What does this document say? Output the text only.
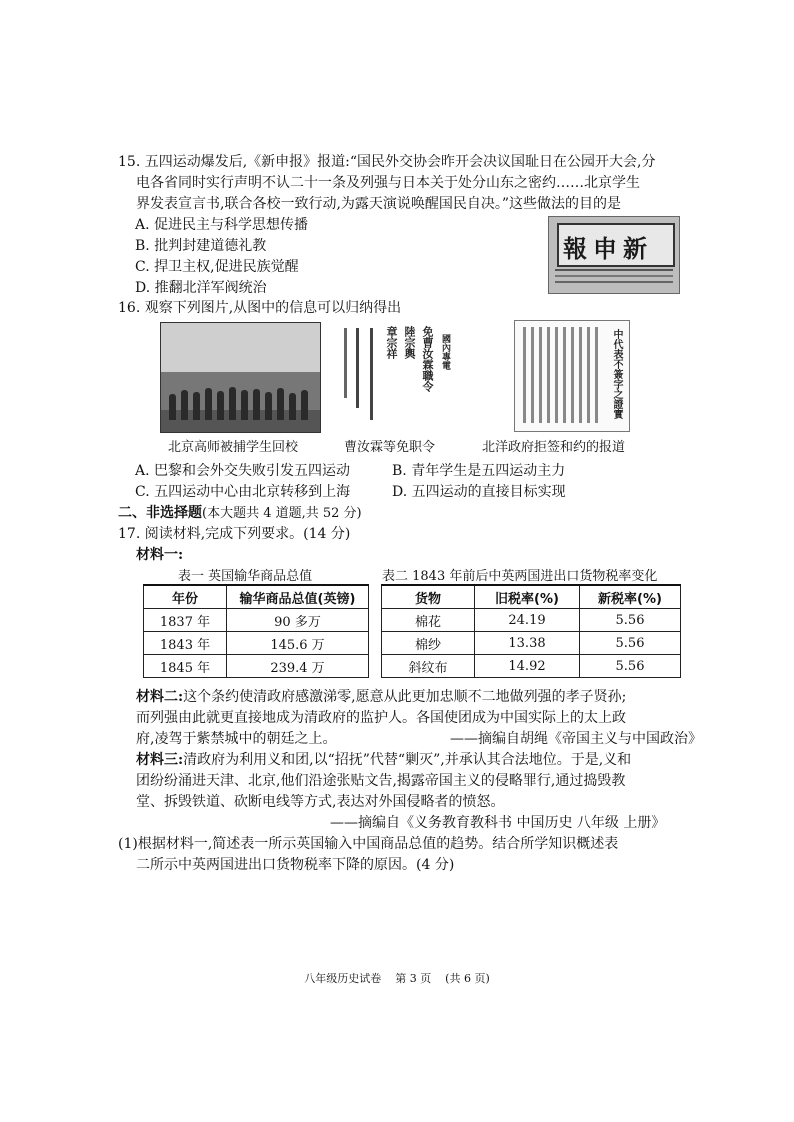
15. 五四运动爆发后,《新申报》报道:“国民外交协会昨开会决议国耻日在公园开大会,分
电各省同时实行声明不认二十一条及列强与日本关于处分山东之密约……北京学生
界发表宣言书,联合各校一致行动,为露天演说唤醒国民自决。”这些做法的目的是
A. 促进民主与科学思想传播
B. 批判封建道德礼教
C. 捍卫主权,促进民族觉醒
D. 推翻北洋军阀统治
報申新
16. 观察下列图片,从图中的信息可以归纳得出
國內專電
免曹汝霖職令
陸宗輿
章宗祥	中代表不簽字之證實
北京高师被捕学生回校	曹汝霖等免职令	北洋政府拒签和约的报道
A. 巴黎和会外交失败引发五四运动	B. 青年学生是五四运动主力
C. 五四运动中心由北京转移到上海	D. 五四运动的直接目标实现
二、非选择题(本大题共 4 道题,共 52 分)
17. 阅读材料,完成下列要求。(14 分)
材料一:
表一 英国输华商品总值	表二 1843 年前后中英两国进出口货物税率变化
年份	输华商品总值(英镑)
1837 年	90 多万
1843 年	145.6 万
1845 年	239.4 万
货物	旧税率(%)	新税率(%)
棉花	24.19	5.56
棉纱	13.38	5.56
斜纹布	14.92	5.56
材料二:这个条约使清政府感激涕零,愿意从此更加忠顺不二地做列强的孝子贤孙;
而列强由此就更直接地成为清政府的监护人。各国使团成为中国实际上的太上政
府,凌驾于紫禁城中的朝廷之上。	——摘编自胡绳《帝国主义与中国政治》
材料三:清政府为利用义和团,以“招抚”代替“剿灭”,并承认其合法地位。于是,义和
团纷纷涌进天津、北京,他们沿途张贴文告,揭露帝国主义的侵略罪行,通过捣毁教
堂、拆毁铁道、砍断电线等方式,表达对外国侵略者的愤怒。
——摘编自《义务教育教科书 中国历史 八年级 上册》
(1)根据材料一,简述表一所示英国输入中国商品总值的趋势。结合所学知识概述表
二所示中英两国进出口货物税率下降的原因。(4 分)
八年级历史试卷    第 3 页    (共 6 页)
